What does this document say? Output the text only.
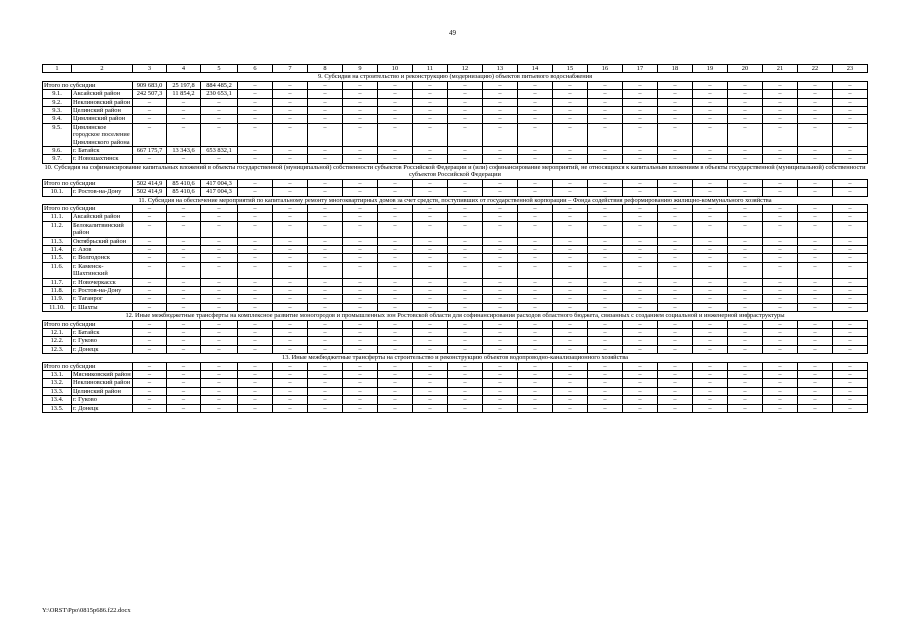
49
1	2	3	4	5	6	7	8	9	10	11	12	13	14	15	16	17	18	19	20	21	22	23
9. Субсидия на строительство и реконструкцию (модернизацию) объектов питьевого водоснабжения																						
Итого по субсидии		909 683,0	25 197,8	884 485,2	–	–	–	–	–	–	–	–	–	–	–	–	–	–	–	–	–	–
9.1.	Аксайский район	242 507,3	11 854,2	230 653,1	–	–	–	–	–	–	–	–	–	–	–	–	–	–	–	–	–	–
9.2.	Неклиновский район	–	–	–	–	–	–	–	–	–	–	–	–	–	–	–	–	–	–	–	–	–
9.3.	Целинский район	–	–	–	–	–	–	–	–	–	–	–	–	–	–	–	–	–	–	–	–	–
9.4.	Цимлянский район	–	–	–	–	–	–	–	–	–	–	–	–	–	–	–	–	–	–	–	–	–
9.5.	Цимлянское городское поселение Цимлянского района	–	–	–	–	–	–	–	–	–	–	–	–	–	–	–	–	–	–	–	–	–
9.6.	г. Батайск	667 175,7	13 343,6	653 832,1	–	–	–	–	–	–	–	–	–	–	–	–	–	–	–	–	–	–
9.7.	г. Новошахтинск	–	–	–	–	–	–	–	–	–	–	–	–	–	–	–	–	–	–	–	–	–
10. Субсидия на софинансирование капитальных вложений в объекты государственной (муниципальной) собственности субъектов Российской Федерации и (или) софинансирование мероприятий, не относящихся к капитальным вложениям в объекты государственной (муниципальной) собственности субъектов Российской Федерации																						
Итого по субсидии		502 414,9	85 410,6	417 004,3	–	–	–	–	–	–	–	–	–	–	–	–	–	–	–	–	–	–
10.1.	г. Ростов-на-Дону	502 414,9	85 410,6	417 004,3	–	–	–	–	–	–	–	–	–	–	–	–	–	–	–	–	–	–
11. Субсидия на обеспечение мероприятий по капитальному ремонту многоквартирных домов за счет средств, поступивших от государственной корпорации – Фонда содействия реформированию жилищно-коммунального хозяйства																						
Итого по субсидии		–	–	–	–	–	–	–	–	–	–	–	–	–	–	–	–	–	–	–	–	–
11.1.	Аксайский район	–	–	–	–	–	–	–	–	–	–	–	–	–	–	–	–	–	–	–	–	–
11.2.	Белокалитвинский район	–	–	–	–	–	–	–	–	–	–	–	–	–	–	–	–	–	–	–	–	–
11.3.	Октябрьский район	–	–	–	–	–	–	–	–	–	–	–	–	–	–	–	–	–	–	–	–	–
11.4.	г. Азов	–	–	–	–	–	–	–	–	–	–	–	–	–	–	–	–	–	–	–	–	–
11.5.	г. Волгодонск	–	–	–	–	–	–	–	–	–	–	–	–	–	–	–	–	–	–	–	–	–
11.6.	г. Каменск-Шахтинский	–	–	–	–	–	–	–	–	–	–	–	–	–	–	–	–	–	–	–	–	–
11.7.	г. Новочеркасск	–	–	–	–	–	–	–	–	–	–	–	–	–	–	–	–	–	–	–	–	–
11.8.	г. Ростов-на-Дону	–	–	–	–	–	–	–	–	–	–	–	–	–	–	–	–	–	–	–	–	–
11.9.	г. Таганрог	–	–	–	–	–	–	–	–	–	–	–	–	–	–	–	–	–	–	–	–	–
11.10.	г. Шахты	–	–	–	–	–	–	–	–	–	–	–	–	–	–	–	–	–	–	–	–	–
12. Иные межбюджетные трансферты на комплексное развитие моногородов и промышленных зон Ростовской области для софинансирования расходов областного бюджета, связанных с созданием социальной и инженерной инфраструктуры																						
Итого по субсидии		–	–	–	–	–	–	–	–	–	–	–	–	–	–	–	–	–	–	–	–	–
12.1.	г. Батайск	–	–	–	–	–	–	–	–	–	–	–	–	–	–	–	–	–	–	–	–	–
12.2.	г. Гуково	–	–	–	–	–	–	–	–	–	–	–	–	–	–	–	–	–	–	–	–	–
12.3.	г. Донецк	–	–	–	–	–	–	–	–	–	–	–	–	–	–	–	–	–	–	–	–	–
13. Иные межбюджетные трансферты на строительство и реконструкцию объектов водопроводно-канализационного хозяйства																						
Итого по субсидии		–	–	–	–	–	–	–	–	–	–	–	–	–	–	–	–	–	–	–	–	–
13.1.	Мясниковский район	–	–	–	–	–	–	–	–	–	–	–	–	–	–	–	–	–	–	–	–	–
13.2.	Неклиновский район	–	–	–	–	–	–	–	–	–	–	–	–	–	–	–	–	–	–	–	–	–
13.3.	Целинский район	–	–	–	–	–	–	–	–	–	–	–	–	–	–	–	–	–	–	–	–	–
13.4.	г. Гуково	–	–	–	–	–	–	–	–	–	–	–	–	–	–	–	–	–	–	–	–	–
13.5.	г. Донецк	–	–	–	–	–	–	–	–	–	–	–	–	–	–	–	–	–	–	–	–	–
Y:\ORST\Ppo\0815p686.f22.docx
